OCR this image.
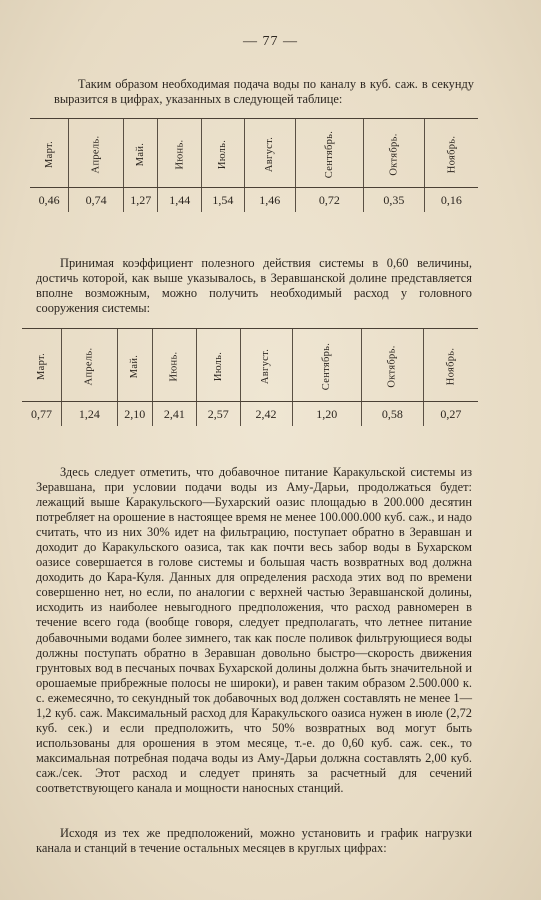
— 77 —

Таким образом необходимая подача воды по каналу в куб. саж. в секунду выразится в цифрах, указанных в следующей таблице:

Март.	Апрель.	Май.	Июнь.	Июль.	Август.	Сентябрь.	Октябрь.	Ноябрь.
0,46	0,74	1,27	1,44	1,54	1,46	0,72	0,35	0,16

Принимая коэффициент полезного действия системы в 0,60 величины, достичь которой, как выше указывалось, в Зеравшанской долине представляется вполне возможным, можно получить необходимый расход у головного сооружения системы:

Март.	Апрель.	Май.	Июнь.	Июль.	Август.	Сентябрь.	Октябрь.	Ноябрь.
0,77	1,24	2,10	2,41	2,57	2,42	1,20	0,58	0,27

Здесь следует отметить, что добавочное питание Каракульской системы из Зеравшана, при условии подачи воды из Аму-Дарьи, продолжаться будет: лежащий выше Каракульского—Бухарский оазис площадью в 200.000 десятин потребляет на орошение в настоящее время не менее 100.000.000 куб. саж., и надо считать, что из них 30% идет на фильтрацию, поступает обратно в Зеравшан и доходит до Каракульского оазиса, так как почти весь забор воды в Бухарском оазисе совершается в голове системы и большая часть возвратных вод должна доходить до Кара-Куля. Данных для определения расхода этих вод по времени совершенно нет, но если, по аналогии с верхней частью Зеравшанской долины, исходить из наиболее невыгодного предположения, что расход равномерен в течение всего года (вообще говоря, следует предполагать, что летнее питание добавочными водами более зимнего, так как после поливок фильтрующиеся воды должны поступать обратно в Зеравшан довольно быстро—скорость движения грунтовых вод в песчаных почвах Бухарской долины должна быть значительной и орошаемые прибрежные полосы не широки), и равен таким образом 2.500.000 к. с. ежемесячно, то секундный ток добавочных вод должен составлять не менее 1—1,2 куб. саж. Максимальный расход для Каракульского оазиса нужен в июле (2,72 куб. сек.) и если предположить, что 50% возвратных вод могут быть использованы для орошения в этом месяце, т.-е. до 0,60 куб. саж. сек., то максимальная потребная подача воды из Аму-Дарьи должна составлять 2,00 куб. саж./сек. Этот расход и следует принять за расчетный для сечений соответствующего канала и мощности наносных станций.

Исходя из тех же предположений, можно установить и график нагрузки канала и станций в течение остальных месяцев в круглых цифрах:
